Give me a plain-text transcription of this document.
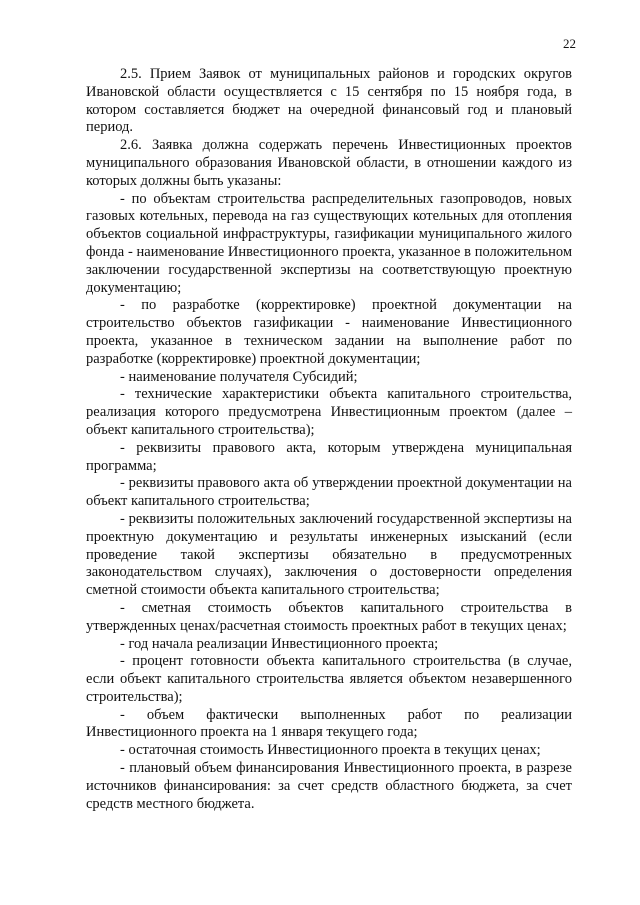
22

2.5. Прием Заявок от муниципальных районов и городских округов Ивановской области осуществляется с 15 сентября по 15 ноября года, в котором составляется бюджет на очередной финансовый год и плановый период.

2.6. Заявка должна содержать перечень Инвестиционных проектов муниципального образования Ивановской области, в отношении каждого из которых должны быть указаны:

- по объектам строительства распределительных газопроводов, новых газовых котельных, перевода на газ существующих котельных для отопления объектов социальной инфраструктуры, газификации муниципального жилого фонда - наименование Инвестиционного проекта, указанное в положительном заключении государственной экспертизы на соответствующую проектную документацию;

- по разработке (корректировке) проектной документации на строительство объектов газификации - наименование Инвестиционного проекта, указанное в техническом задании на выполнение работ по разработке (корректировке) проектной документации;

- наименование получателя Субсидий;

- технические характеристики объекта капитального строительства, реализация которого предусмотрена Инвестиционным проектом (далее – объект капитального строительства);

- реквизиты правового акта, которым утверждена муниципальная программа;

- реквизиты правового акта об утверждении проектной документации на объект капитального строительства;

- реквизиты положительных заключений государственной экспертизы на проектную документацию и результаты инженерных изысканий (если проведение такой экспертизы обязательно в предусмотренных законодательством случаях), заключения о достоверности определения сметной стоимости объекта капитального строительства;

- сметная стоимость объектов капитального строительства в утвержденных ценах/расчетная стоимость проектных работ в текущих ценах;

- год начала реализации Инвестиционного проекта;

- процент готовности объекта капитального строительства (в случае, если объект капитального строительства является объектом незавершенного строительства);

- объем фактически выполненных работ по реализации Инвестиционного проекта на 1 января текущего года;

- остаточная стоимость Инвестиционного проекта в текущих ценах;

- плановый объем финансирования Инвестиционного проекта, в разрезе источников финансирования: за счет средств областного бюджета, за счет средств местного бюджета.
